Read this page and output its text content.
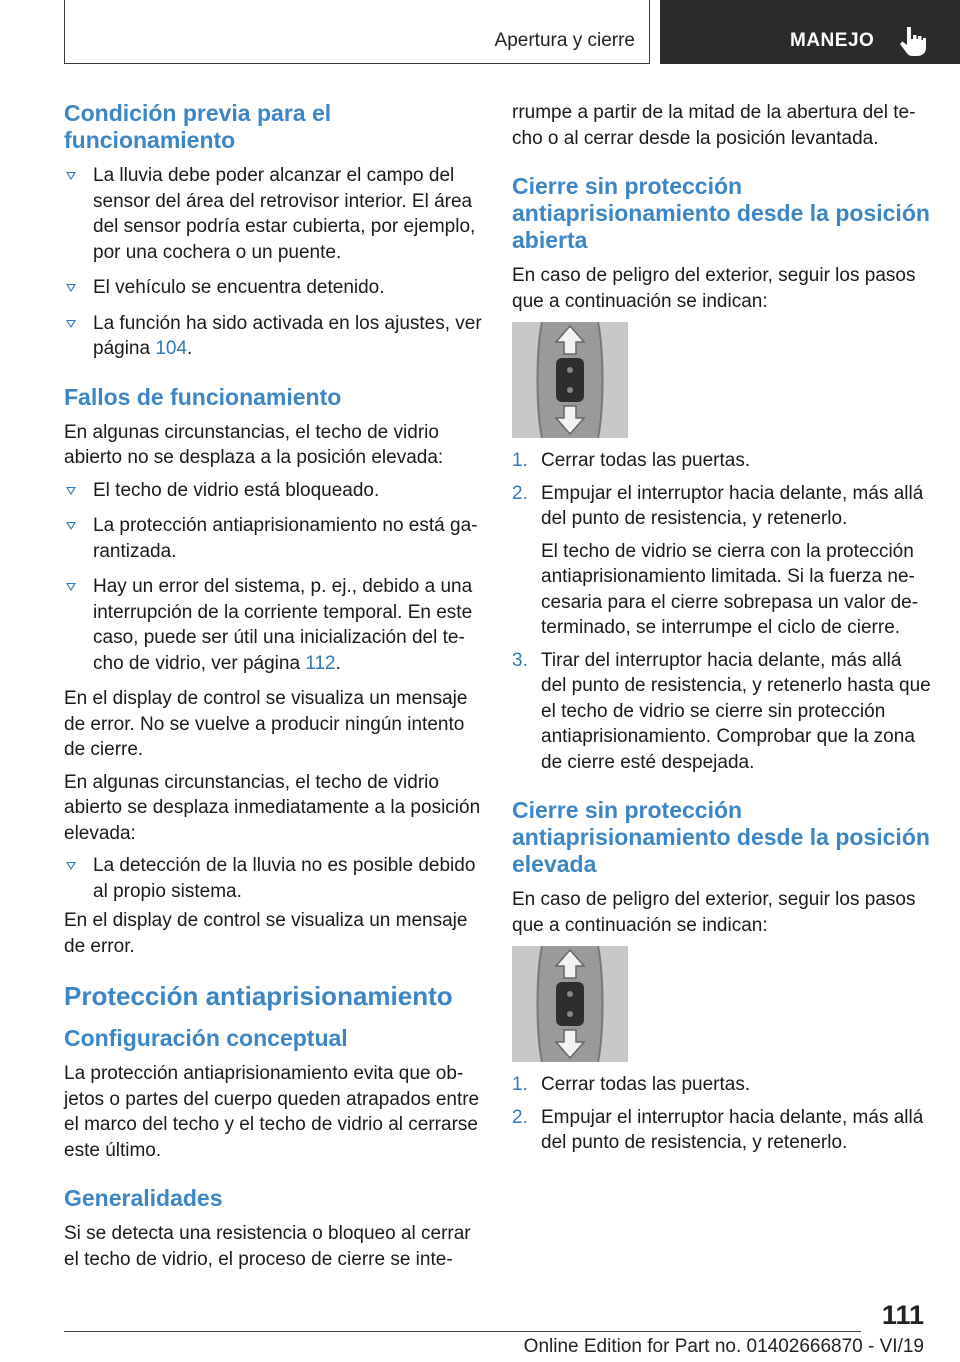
Apertura y cierre	MANEJO
Condición previa para el funcionamiento
La lluvia debe poder alcanzar el campo del sensor del área del retrovisor interior. El área del sensor podría estar cubierta, por ejemplo, por una cochera o un puente.
El vehículo se encuentra detenido.
La función ha sido activada en los ajustes, ver página 104.
Fallos de funcionamiento
En algunas circunstancias, el techo de vidrio abierto no se desplaza a la posición elevada:
El techo de vidrio está bloqueado.
La protección antiaprisionamiento no está garantizada.
Hay un error del sistema, p. ej., debido a una interrupción de la corriente temporal. En este caso, puede ser útil una inicialización del techo de vidrio, ver página 112.
En el display de control se visualiza un mensaje de error. No se vuelve a producir ningún intento de cierre.
En algunas circunstancias, el techo de vidrio abierto se desplaza inmediatamente a la posición elevada:
La detección de la lluvia no es posible debido al propio sistema.
En el display de control se visualiza un mensaje de error.
Protección antiaprisionamiento
Configuración conceptual
La protección antiaprisionamiento evita que objetos o partes del cuerpo queden atrapados entre el marco del techo y el techo de vidrio al cerrarse este último.
Generalidades
Si se detecta una resistencia o bloqueo al cerrar el techo de vidrio, el proceso de cierre se inte-
rrumpe a partir de la mitad de la abertura del techo o al cerrar desde la posición levantada.
Cierre sin protección antiaprisionamiento desde la posición abierta
En caso de peligro del exterior, seguir los pasos que a continuación se indican:
1. Cerrar todas las puertas.
2. Empujar el interruptor hacia delante, más allá del punto de resistencia, y retenerlo.
El techo de vidrio se cierra con la protección antiaprisionamiento limitada. Si la fuerza necesaria para el cierre sobrepasa un valor determinado, se interrumpe el ciclo de cierre.
3. Tirar del interruptor hacia delante, más allá del punto de resistencia, y retenerlo hasta que el techo de vidrio se cierre sin protección antiaprisionamiento. Comprobar que la zona de cierre esté despejada.
Cierre sin protección antiaprisionamiento desde la posición elevada
En caso de peligro del exterior, seguir los pasos que a continuación se indican:
1. Cerrar todas las puertas.
2. Empujar el interruptor hacia delante, más allá del punto de resistencia, y retenerlo.
111
Online Edition for Part no. 01402666870 - VI/19
